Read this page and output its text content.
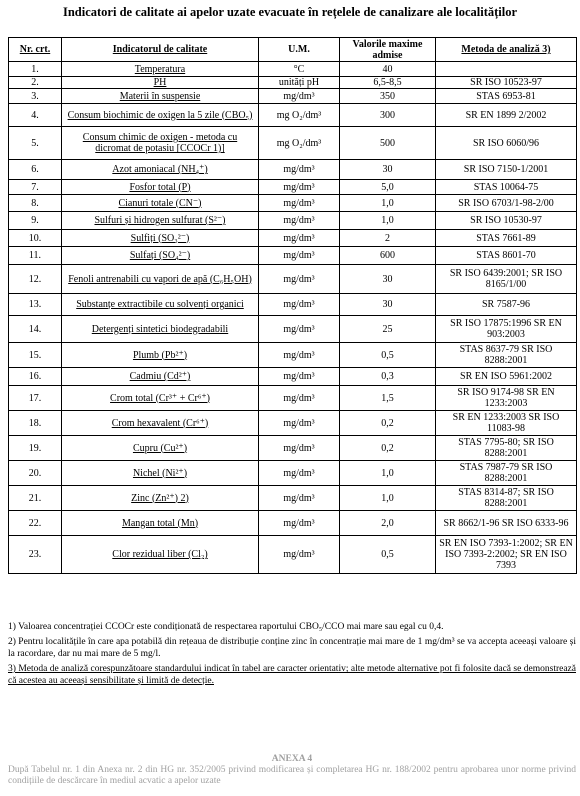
Indicatori de calitate ai apelor uzate evacuate în rețelele de canalizare ale localităților
Nr. crt.	Indicatorul de calitate	U.M.	Valorile maxime admise	Metoda de analiză 3)
1.	Temperatura	°C	40	
2.	PH	unități pH	6,5-8,5	SR ISO 10523-97
3.	Materii în suspensie	mg/dm³	350	STAS 6953-81
4.	Consum biochimic de oxigen la 5 zile (CBO₅)	mg O₂/dm³	300	SR EN 1899 2/2002
5.	Consum chimic de oxigen - metoda cu dicromat de potasiu [CCOCr 1)]	mg O₂/dm³	500	SR ISO 6060/96
6.	Azot amoniacal (NH₄⁺)	mg/dm³	30	SR ISO 7150-1/2001
7.	Fosfor total (P)	mg/dm³	5,0	STAS 10064-75
8.	Cianuri totale (CN⁻)	mg/dm³	1,0	SR ISO 6703/1-98-2/00
9.	Sulfuri și hidrogen sulfurat (S²⁻)	mg/dm³	1,0	SR ISO 10530-97
10.	Sulfiți (SO₃²⁻)	mg/dm³	2	STAS 7661-89
11.	Sulfați (SO₄²⁻)	mg/dm³	600	STAS 8601-70
12.	Fenoli antrenabili cu vapori de apă (C₆H₅OH)	mg/dm³	30	SR ISO 6439:2001; SR ISO 8165/1/00
13.	Substanțe extractibile cu solvenți organici	mg/dm³	30	SR 7587-96
14.	Detergenți sintetici biodegradabili	mg/dm³	25	SR ISO 17875:1996 SR EN 903:2003
15.	Plumb (Pb²⁺)	mg/dm³	0,5	STAS 8637-79 SR ISO 8288:2001
16.	Cadmiu (Cd²⁺)	mg/dm³	0,3	SR EN ISO 5961:2002
17.	Crom total (Cr³⁺ + Cr⁶⁺)	mg/dm³	1,5	SR ISO 9174-98 SR EN 1233:2003
18.	Crom hexavalent (Cr⁶⁺)	mg/dm³	0,2	SR EN 1233:2003 SR ISO 11083-98
19.	Cupru (Cu²⁺)	mg/dm³	0,2	STAS 7795-80; SR ISO 8288:2001
20.	Nichel (Ni²⁺)	mg/dm³	1,0	STAS 7987-79 SR ISO 8288:2001
21.	Zinc (Zn²⁺) 2)	mg/dm³	1,0	STAS 8314-87; SR ISO 8288:2001
22.	Mangan total (Mn)	mg/dm³	2,0	SR 8662/1-96 SR ISO 6333-96
23.	Clor rezidual liber (Cl₂)	mg/dm³	0,5	SR EN ISO 7393-1:2002; SR EN ISO 7393-2:2002; SR EN ISO 7393

1) Valoarea concentrației CCOCr este condiționată de respectarea raportului CBO₅/CCO mai mare sau egal cu 0,4.

2) Pentru localitățile în care apa potabilă din rețeaua de distribuție conține zinc în concentrație mai mare de 1 mg/dm³ se va accepta aceeași valoare și la racordare, dar nu mai mare de 5 mg/l.

3) Metoda de analiză corespunzătoare standardului indicat în tabel are caracter orientativ; alte metode alternative pot fi folosite dacă se demonstrează că acestea au aceeași sensibilitate și limită de detecție.

ANEXA 4
După Tabelul nr. 1 din Anexa nr. 2 din HG nr. 352/2005 privind modificarea și completarea HG nr. 188/2002 pentru aprobarea unor norme privind condițiile de descărcare în mediul acvatic a apelor uzate
